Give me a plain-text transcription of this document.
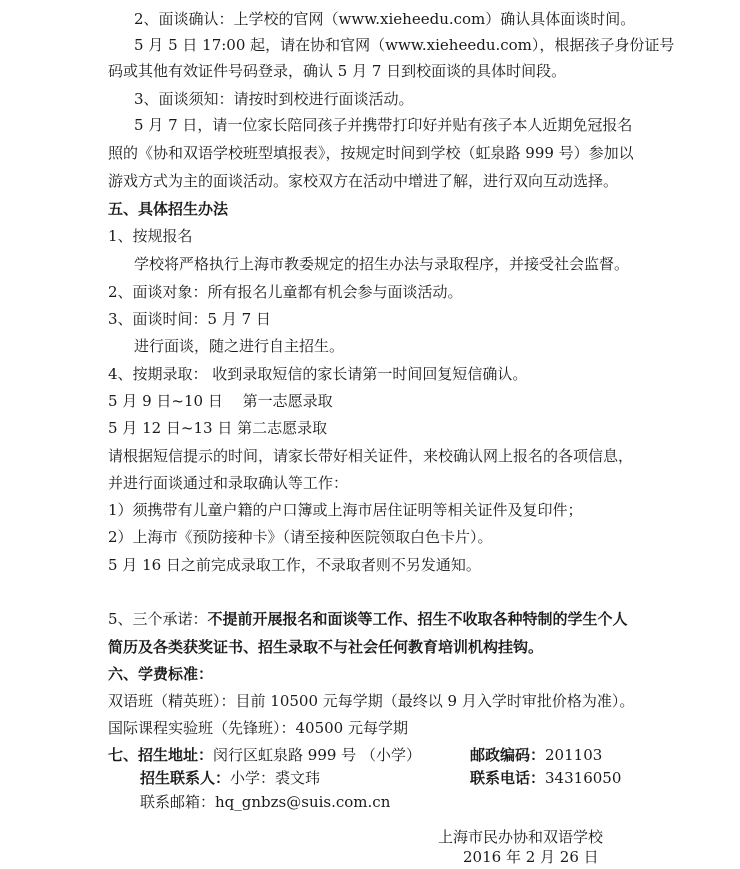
2、面谈确认：上学校的官网（www.xieheedu.com）确认具体面谈时间。
5 月 5 日 17:00 起，请在协和官网（www.xieheedu.com），根据孩子身份证号
码或其他有效证件号码登录，确认 5 月 7 日到校面谈的具体时间段。
3、面谈须知：请按时到校进行面谈活动。
5 月 7 日，请一位家长陪同孩子并携带打印好并贴有孩子本人近期免冠报名
照的《协和双语学校班型填报表》，按规定时间到学校（虹泉路 999 号）参加以
游戏方式为主的面谈活动。家校双方在活动中增进了解，进行双向互动选择。
五、具体招生办法
1、按规报名
学校将严格执行上海市教委规定的招生办法与录取程序，并接受社会监督。
2、面谈对象：所有报名儿童都有机会参与面谈活动。
3、面谈时间：5 月 7 日
进行面谈，随之进行自主招生。
4、按期录取： 收到录取短信的家长请第一时间回复短信确认。
5 月 9 日~10 日 　第一志愿录取
5 月 12 日~13 日 第二志愿录取
请根据短信提示的时间，请家长带好相关证件，来校确认网上报名的各项信息，
并进行面谈通过和录取确认等工作：
1）须携带有儿童户籍的户口簿或上海市居住证明等相关证件及复印件；
2）上海市《预防接种卡》（请至接种医院领取白色卡片）。
5 月 16 日之前完成录取工作，不录取者则不另发通知。
5、三个承诺：不提前开展报名和面谈等工作、招生不收取各种特制的学生个人
简历及各类获奖证书、招生录取不与社会任何教育培训机构挂钩。
六、学费标准：
双语班（精英班）：目前 10500 元每学期（最终以 9 月入学时审批价格为准）。
国际课程实验班（先锋班）：40500 元每学期
七、招生地址：闵行区虹泉路 999 号 （小学）	邮政编码：201103
招生联系人：小学：裘文玮	联系电话：34316050
联系邮箱：hq_gnbzs@suis.com.cn
上海市民办协和双语学校
2016 年 2 月 26 日
